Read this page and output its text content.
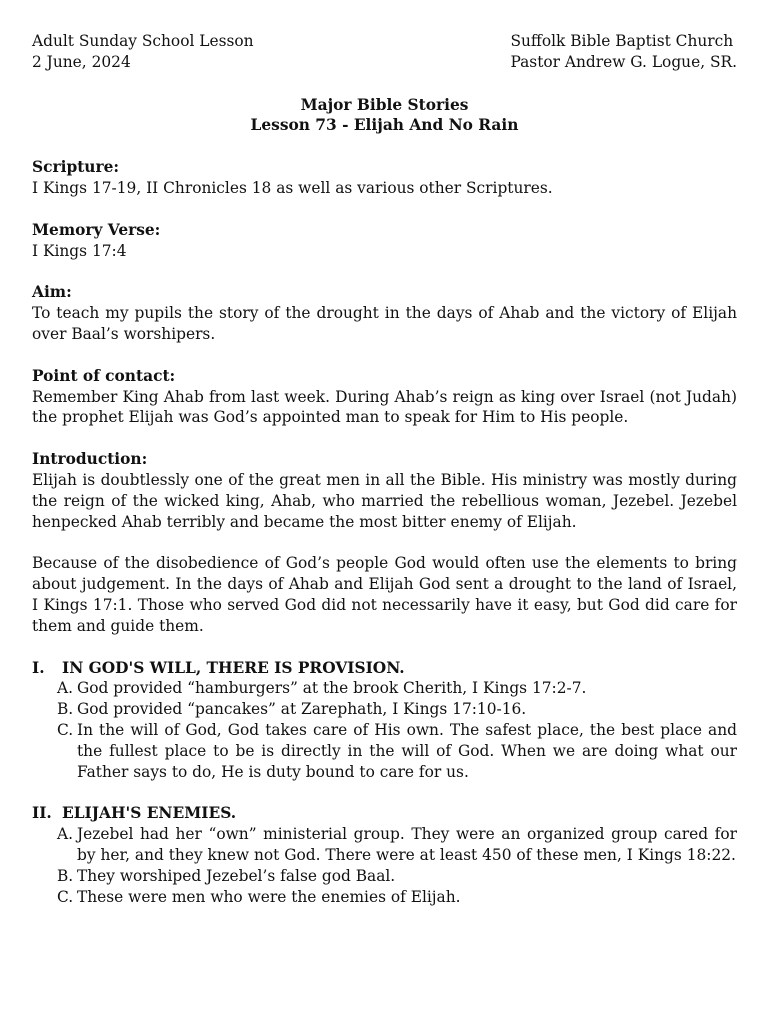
Adult Sunday School Lesson
2 June, 2024
Suffolk Bible Baptist Church
Pastor Andrew G. Logue, SR.
Major Bible Stories
Lesson 73 - Elijah And No Rain
Scripture:
I Kings 17-19, II Chronicles 18 as well as various other Scriptures.
Memory Verse:
I Kings 17:4
Aim:
To teach my pupils the story of the drought in the days of Ahab and the victory of Elijah over Baal’s worshipers.
Point of contact:
Remember King Ahab from last week. During Ahab’s reign as king over Israel (not Judah) the prophet Elijah was God’s appointed man to speak for Him to His people.
Introduction:
Elijah is doubtlessly one of the great men in all the Bible. His ministry was mostly during the reign of the wicked king, Ahab, who married the rebellious woman, Jezebel. Jezebel henpecked Ahab terribly and became the most bitter enemy of Elijah.
Because of the disobedience of God’s people God would often use the elements to bring about judgement. In the days of Ahab and Elijah God sent a drought to the land of Israel, I Kings 17:1. Those who served God did not necessarily have it easy, but God did care for them and guide them.
I.	IN GOD'S WILL, THERE IS PROVISION.
A. God provided “hamburgers” at the brook Cherith, I Kings 17:2-7.
B. God provided “pancakes” at Zarephath, I Kings 17:10-16.
C. In the will of God, God takes care of His own. The safest place, the best place and the fullest place to be is directly in the will of God. When we are doing what our Father says to do, He is duty bound to care for us.
II. ELIJAH'S ENEMIES.
A. Jezebel had her “own” ministerial group. They were an organized group cared for by her, and they knew not God. There were at least 450 of these men, I Kings 18:22.
B. They worshiped Jezebel’s false god Baal.
C. These were men who were the enemies of Elijah.
